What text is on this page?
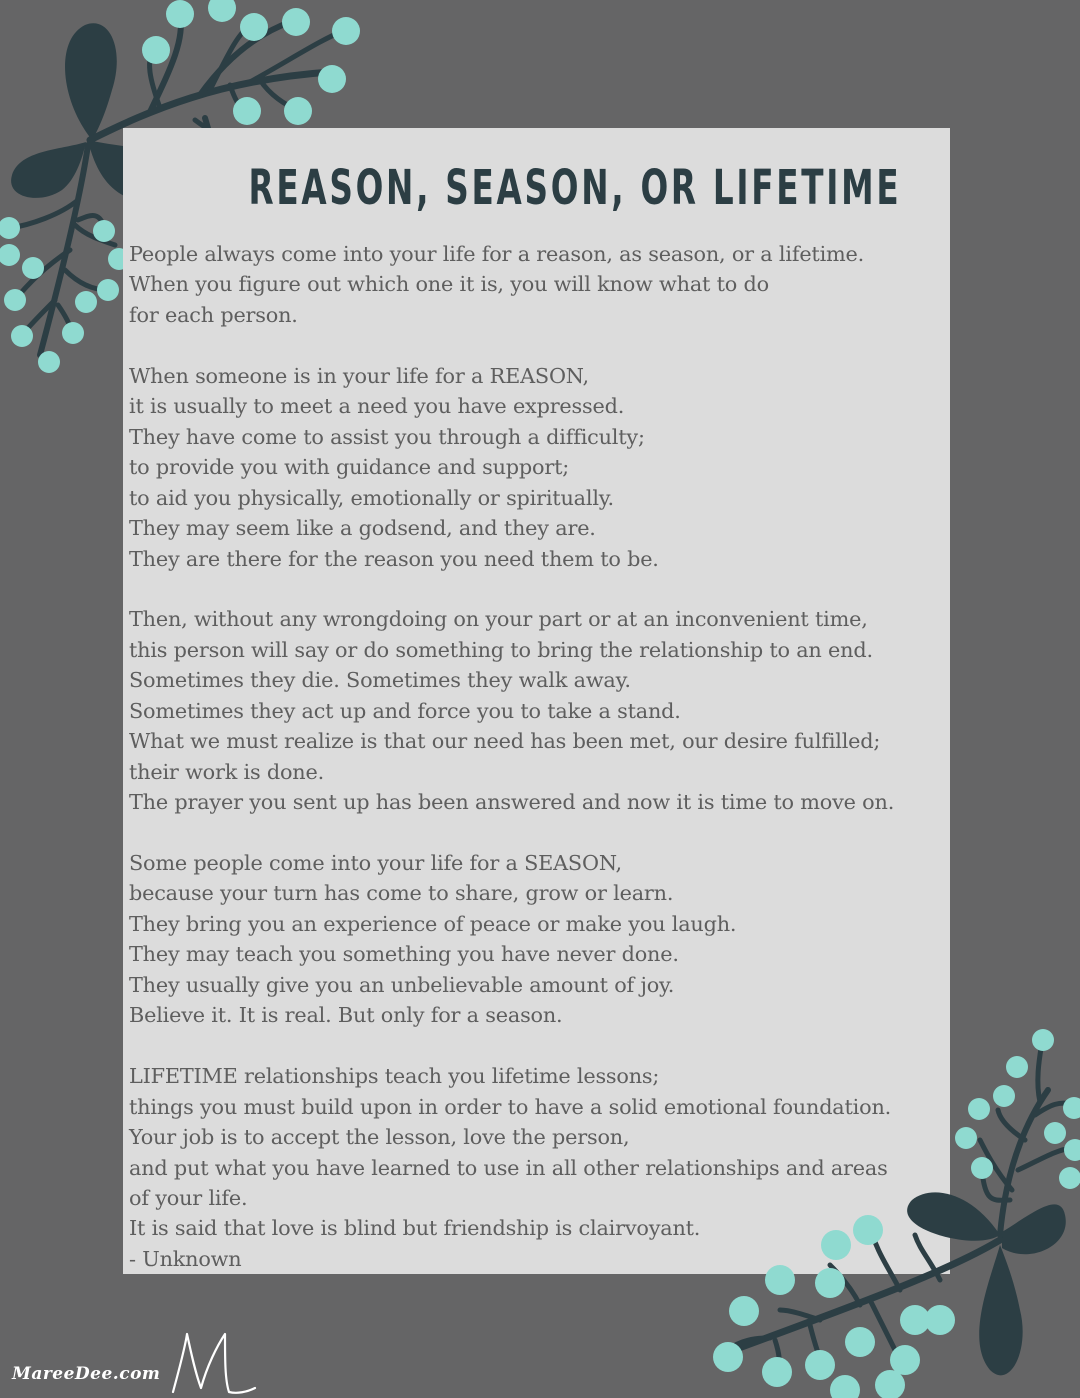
REASON, SEASON, OR LIFETIME
People always come into your life for a reason, as season, or a lifetime.
When you figure out which one it is, you will know what to do
for each person.
When someone is in your life for a REASON,
it is usually to meet a need you have expressed.
They have come to assist you through a difficulty;
to provide you with guidance and support;
to aid you physically, emotionally or spiritually.
They may seem like a godsend, and they are.
They are there for the reason you need them to be.
Then, without any wrongdoing on your part or at an inconvenient time,
this person will say or do something to bring the relationship to an end.
Sometimes they die. Sometimes they walk away.
Sometimes they act up and force you to take a stand.
What we must realize is that our need has been met, our desire fulfilled;
their work is done.
The prayer you sent up has been answered and now it is time to move on.
Some people come into your life for a SEASON,
because your turn has come to share, grow or learn.
They bring you an experience of peace or make you laugh.
They may teach you something you have never done.
They usually give you an unbelievable amount of joy.
Believe it. It is real. But only for a season.
LIFETIME relationships teach you lifetime lessons;
things you must build upon in order to have a solid emotional foundation.
Your job is to accept the lesson, love the person,
and put what you have learned to use in all other relationships and areas
of your life.
It is said that love is blind but friendship is clairvoyant.
- Unknown
MareeDee.com
